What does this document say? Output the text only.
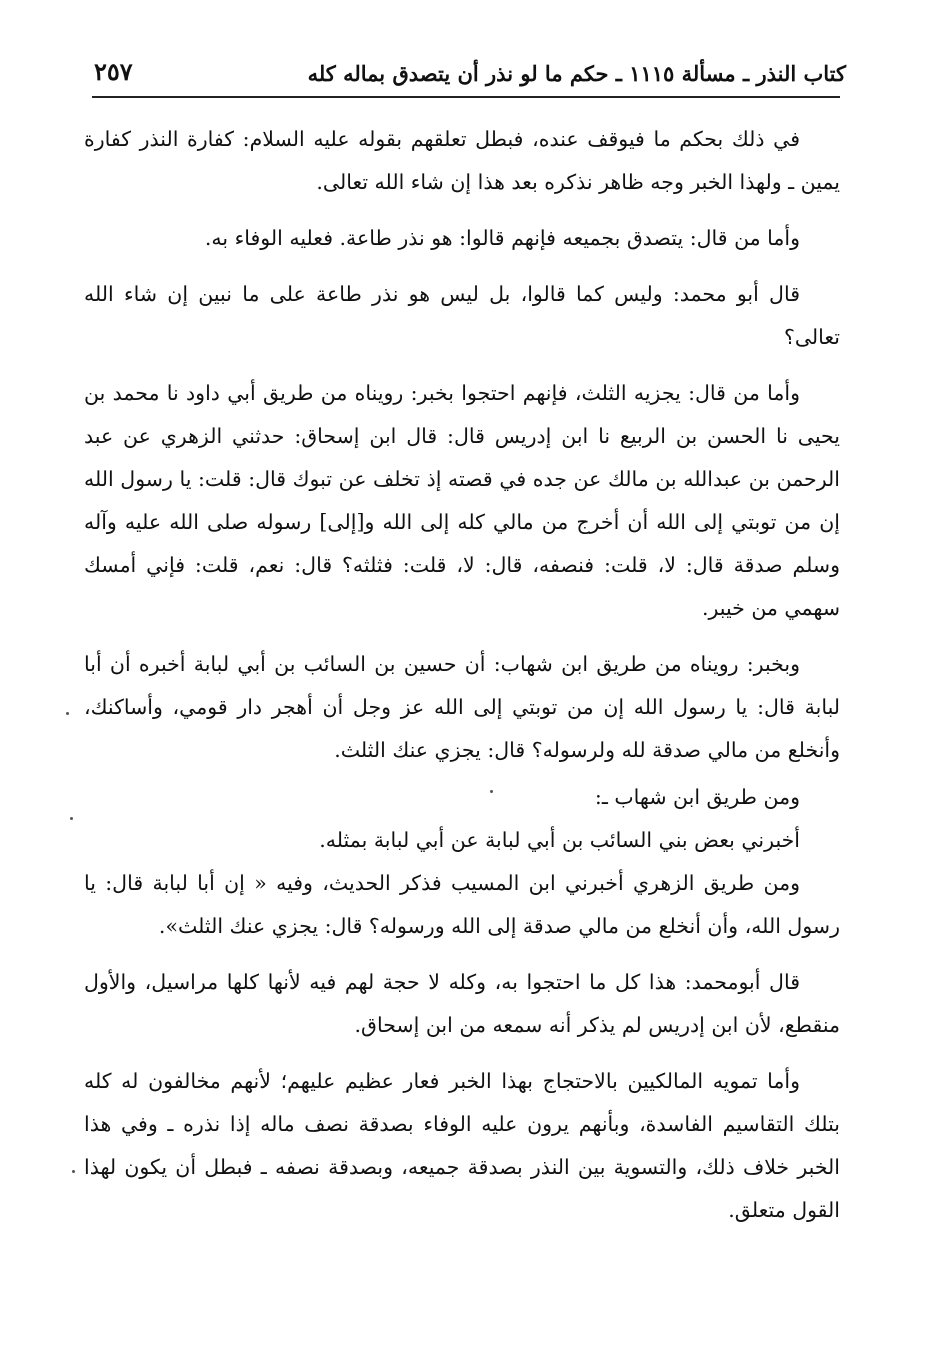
كتاب النذر ـ مسألة ١١١٥ ـ حكم ما لو نذر أن يتصدق بماله كله
٢٥٧

في ذلك بحكم ما فيوقف عنده، فبطل تعلقهم بقوله عليه السلام: كفارة النذر كفارة يمين ـ ولهذا الخبر وجه ظاهر نذكره بعد هذا إن شاء الله تعالى.

وأما من قال: يتصدق بجميعه فإنهم قالوا: هو نذر طاعة. فعليه الوفاء به.

قال أبو محمد: وليس كما قالوا، بل ليس هو نذر طاعة على ما نبين إن شاء الله تعالى؟

وأما من قال: يجزيه الثلث، فإنهم احتجوا بخبر: رويناه من طريق أبي داود نا محمد بن يحيى نا الحسن بن الربيع نا ابن إدريس قال: قال ابن إسحاق: حدثني الزهري عن عبد الرحمن بن عبدالله بن مالك عن جده في قصته إذ تخلف عن تبوك قال: قلت: يا رسول الله إن من توبتي إلى الله أن أخرج من مالي كله إلى الله و[إلى] رسوله صلى الله عليه وآله وسلم صدقة قال: لا، قلت: فنصفه، قال: لا، قلت: فثلثه؟ قال: نعم، قلت: فإني أمسك سهمي من خيبر.

وبخبر: رويناه من طريق ابن شهاب: أن حسين بن السائب بن أبي لبابة أخبره أن أبا لبابة قال: يا رسول الله إن من توبتي إلى الله عز وجل أن أهجر دار قومي، وأساكنك، وأنخلع من مالي صدقة لله ولرسوله؟ قال: يجزي عنك الثلث.

ومن طريق ابن شهاب ـ:

أخبرني بعض بني السائب بن أبي لبابة عن أبي لبابة بمثله.

ومن طريق الزهري أخبرني ابن المسيب فذكر الحديث، وفيه « إن أبا لبابة قال: يا رسول الله، وأن أنخلع من مالي صدقة إلى الله ورسوله؟ قال: يجزي عنك الثلث».

قال أبومحمد: هذا كل ما احتجوا به، وكله لا حجة لهم فيه لأنها كلها مراسيل، والأول منقطع، لأن ابن إدريس لم يذكر أنه سمعه من ابن إسحاق.

وأما تمويه المالكيين بالاحتجاج بهذا الخبر فعار عظيم عليهم؛ لأنهم مخالفون له كله بتلك التقاسيم الفاسدة، وبأنهم يرون عليه الوفاء بصدقة نصف ماله إذا نذره ـ وفي هذا الخبر خلاف ذلك، والتسوية بين النذر بصدقة جميعه، وبصدقة نصفه ـ فبطل أن يكون لهذا القول متعلق.
